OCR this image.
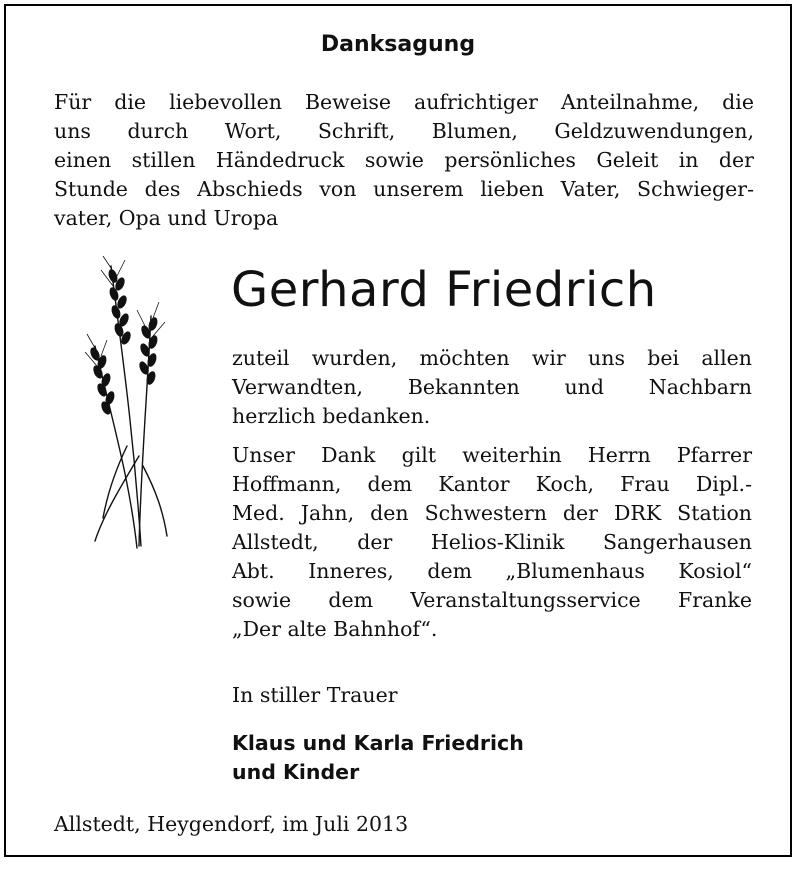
Danksagung

Für die liebevollen Beweise aufrichtiger Anteilnahme, die
uns durch Wort, Schrift, Blumen, Geldzuwendungen,
einen stillen Händedruck sowie persönliches Geleit in der
Stunde des Abschieds von unserem lieben Vater, Schwieger-
vater, Opa und Uropa

Gerhard Friedrich

zuteil wurden, möchten wir uns bei allen
Verwandten, Bekannten und Nachbarn
herzlich bedanken.

Unser Dank gilt weiterhin Herrn Pfarrer
Hoffmann, dem Kantor Koch, Frau Dipl.-
Med. Jahn, den Schwestern der DRK Station
Allstedt, der Helios-Klinik Sangerhausen
Abt. Inneres, dem „Blumenhaus Kosiol“
sowie dem Veranstaltungsservice Franke
„Der alte Bahnhof“.

In stiller Trauer
Klaus und Karla Friedrich
und Kinder
Allstedt, Heygendorf, im Juli 2013
